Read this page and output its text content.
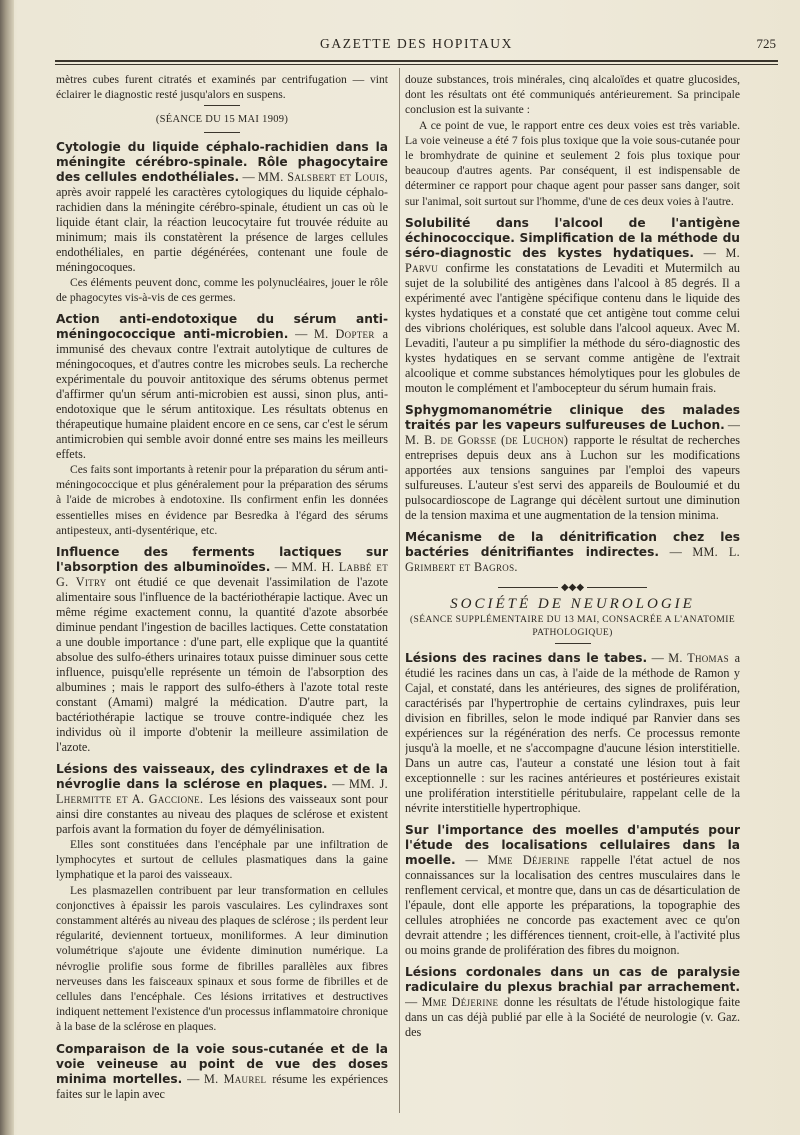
GAZETTE DES HOPITAUX	725

mètres cubes furent citratés et examinés par centrifugation — vint éclairer le diagnostic resté jusqu'alors en suspens.

(SÉANCE DU 15 MAI 1909)
Cytologie du liquide céphalo-rachidien dans la méningite cérébro-spinale. Rôle phagocytaire des cellules endothéliales. — MM. Salsbert et Louis, après avoir rappelé les caractères cytologiques du liquide céphalo-rachidien dans la méningite cérébro-spinale, étudient un cas où le liquide étant clair, la réaction leucocytaire fut trouvée réduite au minimum; mais ils constatèrent la présence de larges cellules endothéliales, en partie dégénérées, contenant une foule de méningocoques.

Ces éléments peuvent donc, comme les polynucléaires, jouer le rôle de phagocytes vis-à-vis de ces germes.

Action anti-endotoxique du sérum anti-méningococcique anti-microbien. — M. Dopter a immunisé des chevaux contre l'extrait autolytique de cultures de méningocoques, et d'autres contre les microbes seuls. La recherche expérimentale du pouvoir antitoxique des sérums obtenus permet d'affirmer qu'un sérum anti-microbien est aussi, sinon plus, anti-endotoxique que le sérum antitoxique. Les résultats obtenus en thérapeutique humaine plaident encore en ce sens, car c'est le sérum antimicrobien qui semble avoir donné entre ses mains les meilleurs effets.

Ces faits sont importants à retenir pour la préparation du sérum anti-méningococcique et plus généralement pour la préparation des sérums à l'aide de microbes à endotoxine. Ils confirment enfin les données essentielles mises en évidence par Besredka à l'égard des sérums antipesteux, anti-dysentérique, etc.

Influence des ferments lactiques sur l'absorption des albuminoïdes. — MM. H. Labbé et G. Vitry ont étudié ce que devenait l'assimilation de l'azote alimentaire sous l'influence de la bactériothérapie lactique. Avec un même régime exactement connu, la quantité d'azote absorbée diminue pendant l'ingestion de bacilles lactiques. Cette constatation a une double importance : d'une part, elle explique que la quantité absolue des sulfo-éthers urinaires totaux puisse diminuer sous cette influence, puisqu'elle représente un témoin de l'absorption des albumines ; mais le rapport des sulfo-éthers à l'azote total reste constant (Amami) malgré la médication. D'autre part, la bactériothérapie lactique se trouve contre-indiquée chez les individus où il importe d'obtenir la meilleure assimilation de l'azote.
Lésions des vaisseaux, des cylindraxes et de la névroglie dans la sclérose en plaques. — MM. J. Lhermitte et A. Gaccione. Les lésions des vaisseaux sont pour ainsi dire constantes au niveau des plaques de sclérose et existent parfois avant la formation du foyer de démyélinisation.

Elles sont constituées dans l'encéphale par une infiltration de lymphocytes et surtout de cellules plasmatiques dans la gaine lymphatique et la paroi des vaisseaux.

Les plasmazellen contribuent par leur transformation en cellules conjonctives à épaissir les parois vasculaires. Les cylindraxes sont constamment altérés au niveau des plaques de sclérose ; ils perdent leur régularité, deviennent tortueux, moniliformes. A leur diminution volumétrique s'ajoute une évidente diminution numérique. La névroglie prolifie sous forme de fibrilles parallèles aux fibres nerveuses dans les faisceaux spinaux et sous forme de fibrilles et de cellules dans l'encéphale. Ces lésions irritatives et destructives indiquent nettement l'existence d'un processus inflammatoire chronique à la base de la sclérose en plaques.

Comparaison de la voie sous-cutanée et de la voie veineuse au point de vue des doses minima mortelles. — M. Maurel résume les expériences faites sur le lapin avec

douze substances, trois minérales, cinq alcaloïdes et quatre glucosides, dont les résultats ont été communiqués antérieurement. Sa principale conclusion est la suivante :

A ce point de vue, le rapport entre ces deux voies est très variable. La voie veineuse a été 7 fois plus toxique que la voie sous-cutanée pour le bromhydrate de quinine et seulement 2 fois plus toxique pour beaucoup d'autres agents. Par conséquent, il est indispensable de déterminer ce rapport pour chaque agent pour passer sans danger, soit sur l'animal, soit surtout sur l'homme, d'une de ces deux voies à l'autre.

Solubilité dans l'alcool de l'antigène échinococcique. Simplification de la méthode du séro-diagnostic des kystes hydatiques. — M. Parvu confirme les constatations de Levaditi et Mutermilch au sujet de la solubilité des antigènes dans l'alcool à 85 degrés. Il a expérimenté avec l'antigène spécifique contenu dans le liquide des kystes hydatiques et a constaté que cet antigène tout comme celui des vibrions cholériques, est soluble dans l'alcool aqueux. Avec M. Levaditi, l'auteur a pu simplifier la méthode du séro-diagnostic des kystes hydatiques en se servant comme antigène de l'extrait alcoolique et comme substances hémolytiques pour les globules de mouton le complément et l'ambocepteur du sérum humain frais.
Sphygmomanométrie clinique des malades traités par les vapeurs sulfureuses de Luchon. — M. B. de Gorsse (de Luchon) rapporte le résultat de recherches entreprises depuis deux ans à Luchon sur les modifications apportées aux tensions sanguines par l'emploi des vapeurs sulfureuses. L'auteur s'est servi des appareils de Bouloumié et du pulsocardioscope de Lagrange qui décèlent surtout une diminution de la tension maxima et une augmentation de la tension minima.
Mécanisme de la dénitrification chez les bactéries dénitrifiantes indirectes. — MM. L. Grimbert et Bagros.
◆◆◆
SOCIÉTÉ DE NEUROLOGIE
(SÉANCE SUPPLÉMENTAIRE DU 13 MAI, CONSACRÉE A L'ANATOMIE PATHOLOGIQUE)
Lésions des racines dans le tabes. — M. Thomas a étudié les racines dans un cas, à l'aide de la méthode de Ramon y Cajal, et constaté, dans les antérieures, des signes de prolifération, caractérisés par l'hypertrophie de certains cylindraxes, puis leur division en fibrilles, selon le mode indiqué par Ranvier dans ses expériences sur la régénération des nerfs. Ce processus remonte jusqu'à la moelle, et ne s'accompagne d'aucune lésion interstitielle. Dans un autre cas, l'auteur a constaté une lésion tout à fait exceptionnelle : sur les racines antérieures et postérieures existait une prolifération interstitielle péritubulaire, rappelant celle de la névrite interstitielle hypertrophique.
Sur l'importance des moelles d'amputés pour l'étude des localisations cellulaires dans la moelle. — Mme Déjerine rappelle l'état actuel de nos connaissances sur la localisation des centres musculaires dans le renflement cervical, et montre que, dans un cas de désarticulation de l'épaule, dont elle apporte les préparations, la topographie des cellules atrophiées ne concorde pas exactement avec ce qu'on devrait attendre ; les différences tiennent, croit-elle, à l'activité plus ou moins grande de prolifération des fibres du moignon.
Lésions cordonales dans un cas de paralysie radiculaire du plexus brachial par arrachement. — Mme Déjerine donne les résultats de l'étude histologique faite dans un cas déjà publié par elle à la Société de neurologie (v. Gaz. des
